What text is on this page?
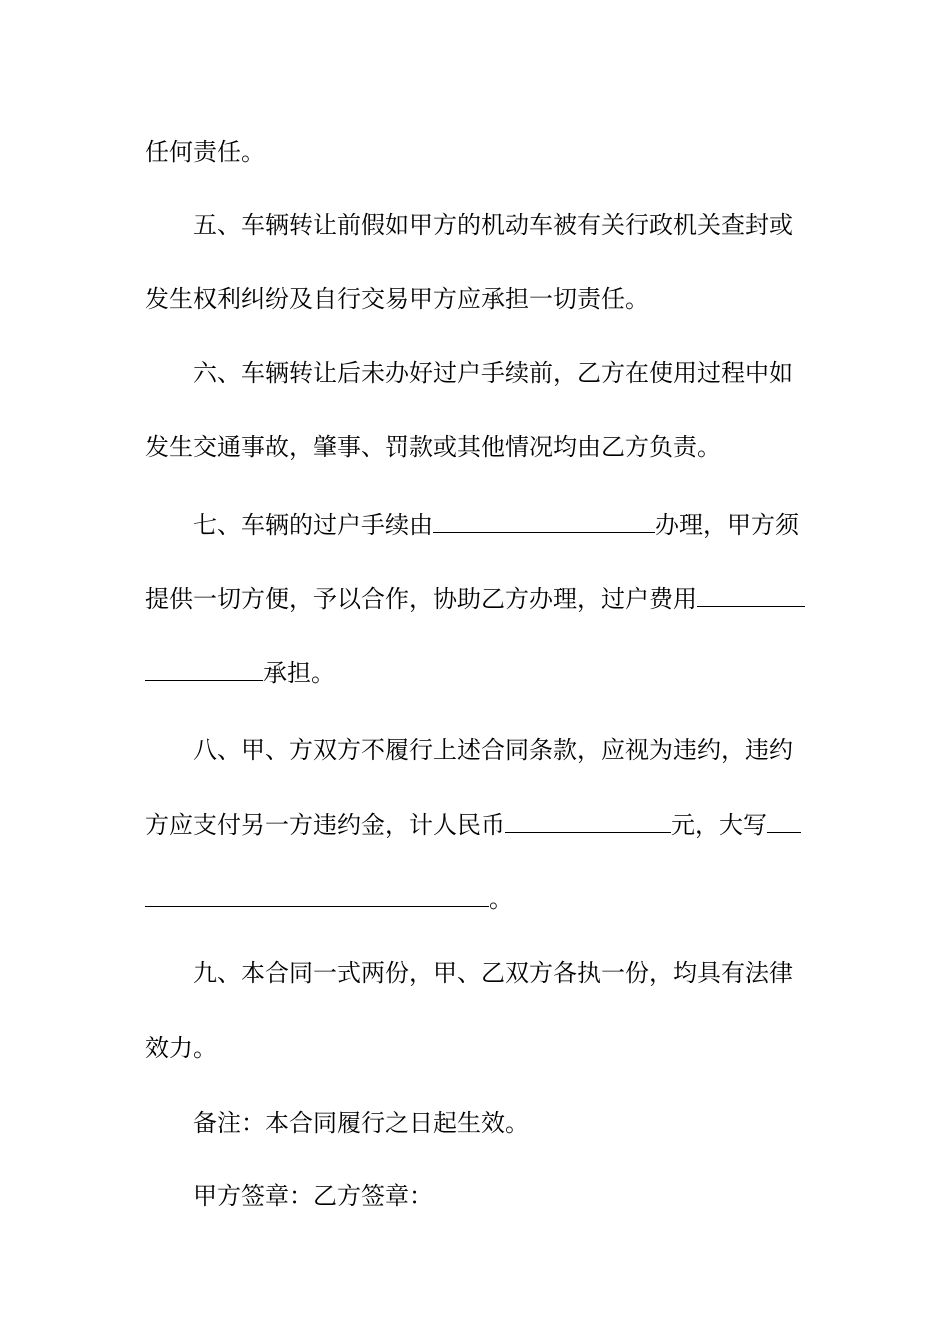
任何责任。
五、车辆转让前假如甲方的机动车被有关行政机关查封或
发生权利纠纷及自行交易甲方应承担一切责任。
六、车辆转让后未办好过户手续前，乙方在使用过程中如
发生交通事故，肇事、罚款或其他情况均由乙方负责。
七、车辆的过户手续由	办理，甲方须
提供一切方便，予以合作，协助乙方办理，过户费用
承担。
八、甲、方双方不履行上述合同条款，应视为违约，违约
方应支付另一方违约金，计人民币	元，大写
。
九、本合同一式两份，甲、乙双方各执一份，均具有法律
效力。
备注：本合同履行之日起生效。
甲方签章：乙方签章：
